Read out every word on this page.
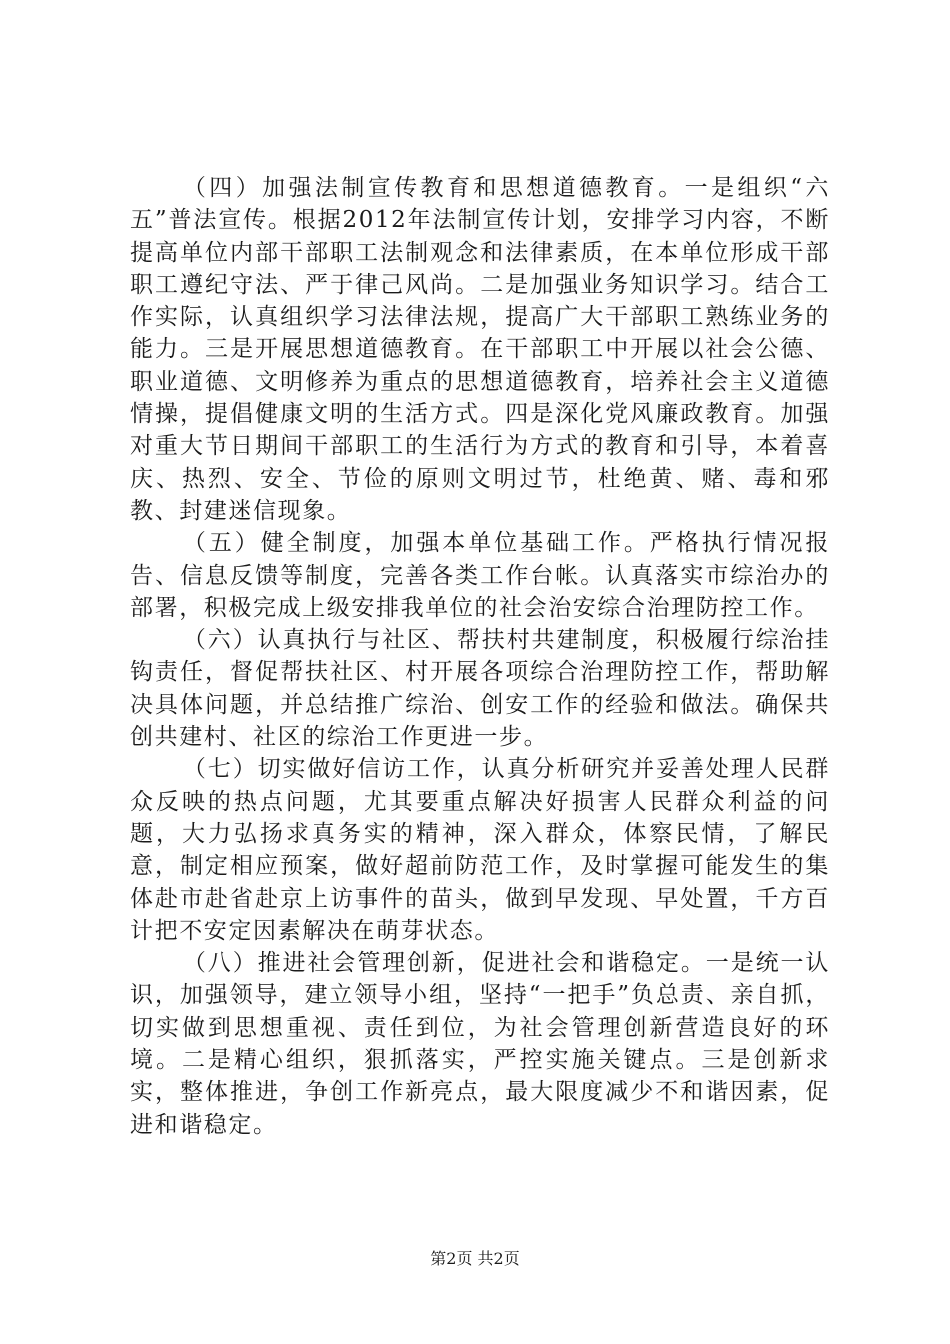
（四）加强法制宣传教育和思想道德教育。一是组织“六五”普法宣传。根据2012年法制宣传计划，安排学习内容，不断提高单位内部干部职工法制观念和法律素质，在本单位形成干部职工遵纪守法、严于律己风尚。二是加强业务知识学习。结合工作实际，认真组织学习法律法规，提高广大干部职工熟练业务的能力。三是开展思想道德教育。在干部职工中开展以社会公德、职业道德、文明修养为重点的思想道德教育，培养社会主义道德情操，提倡健康文明的生活方式。四是深化党风廉政教育。加强对重大节日期间干部职工的生活行为方式的教育和引导，本着喜庆、热烈、安全、节俭的原则文明过节，杜绝黄、赌、毒和邪教、封建迷信现象。

（五）健全制度，加强本单位基础工作。严格执行情况报告、信息反馈等制度，完善各类工作台帐。认真落实市综治办的部署，积极完成上级安排我单位的社会治安综合治理防控工作。

（六）认真执行与社区、帮扶村共建制度，积极履行综治挂钩责任，督促帮扶社区、村开展各项综合治理防控工作，帮助解决具体问题，并总结推广综治、创安工作的经验和做法。确保共创共建村、社区的综治工作更进一步。

（七）切实做好信访工作，认真分析研究并妥善处理人民群众反映的热点问题，尤其要重点解决好损害人民群众利益的问题，大力弘扬求真务实的精神，深入群众，体察民情，了解民意，制定相应预案，做好超前防范工作，及时掌握可能发生的集体赴市赴省赴京上访事件的苗头，做到早发现、早处置，千方百计把不安定因素解决在萌芽状态。

（八）推进社会管理创新，促进社会和谐稳定。一是统一认识，加强领导，建立领导小组，坚持“一把手”负总责、亲自抓，切实做到思想重视、责任到位，为社会管理创新营造良好的环境。二是精心组织，狠抓落实，严控实施关键点。三是创新求实，整体推进，争创工作新亮点，最大限度减少不和谐因素，促进和谐稳定。

第2页 共2页
